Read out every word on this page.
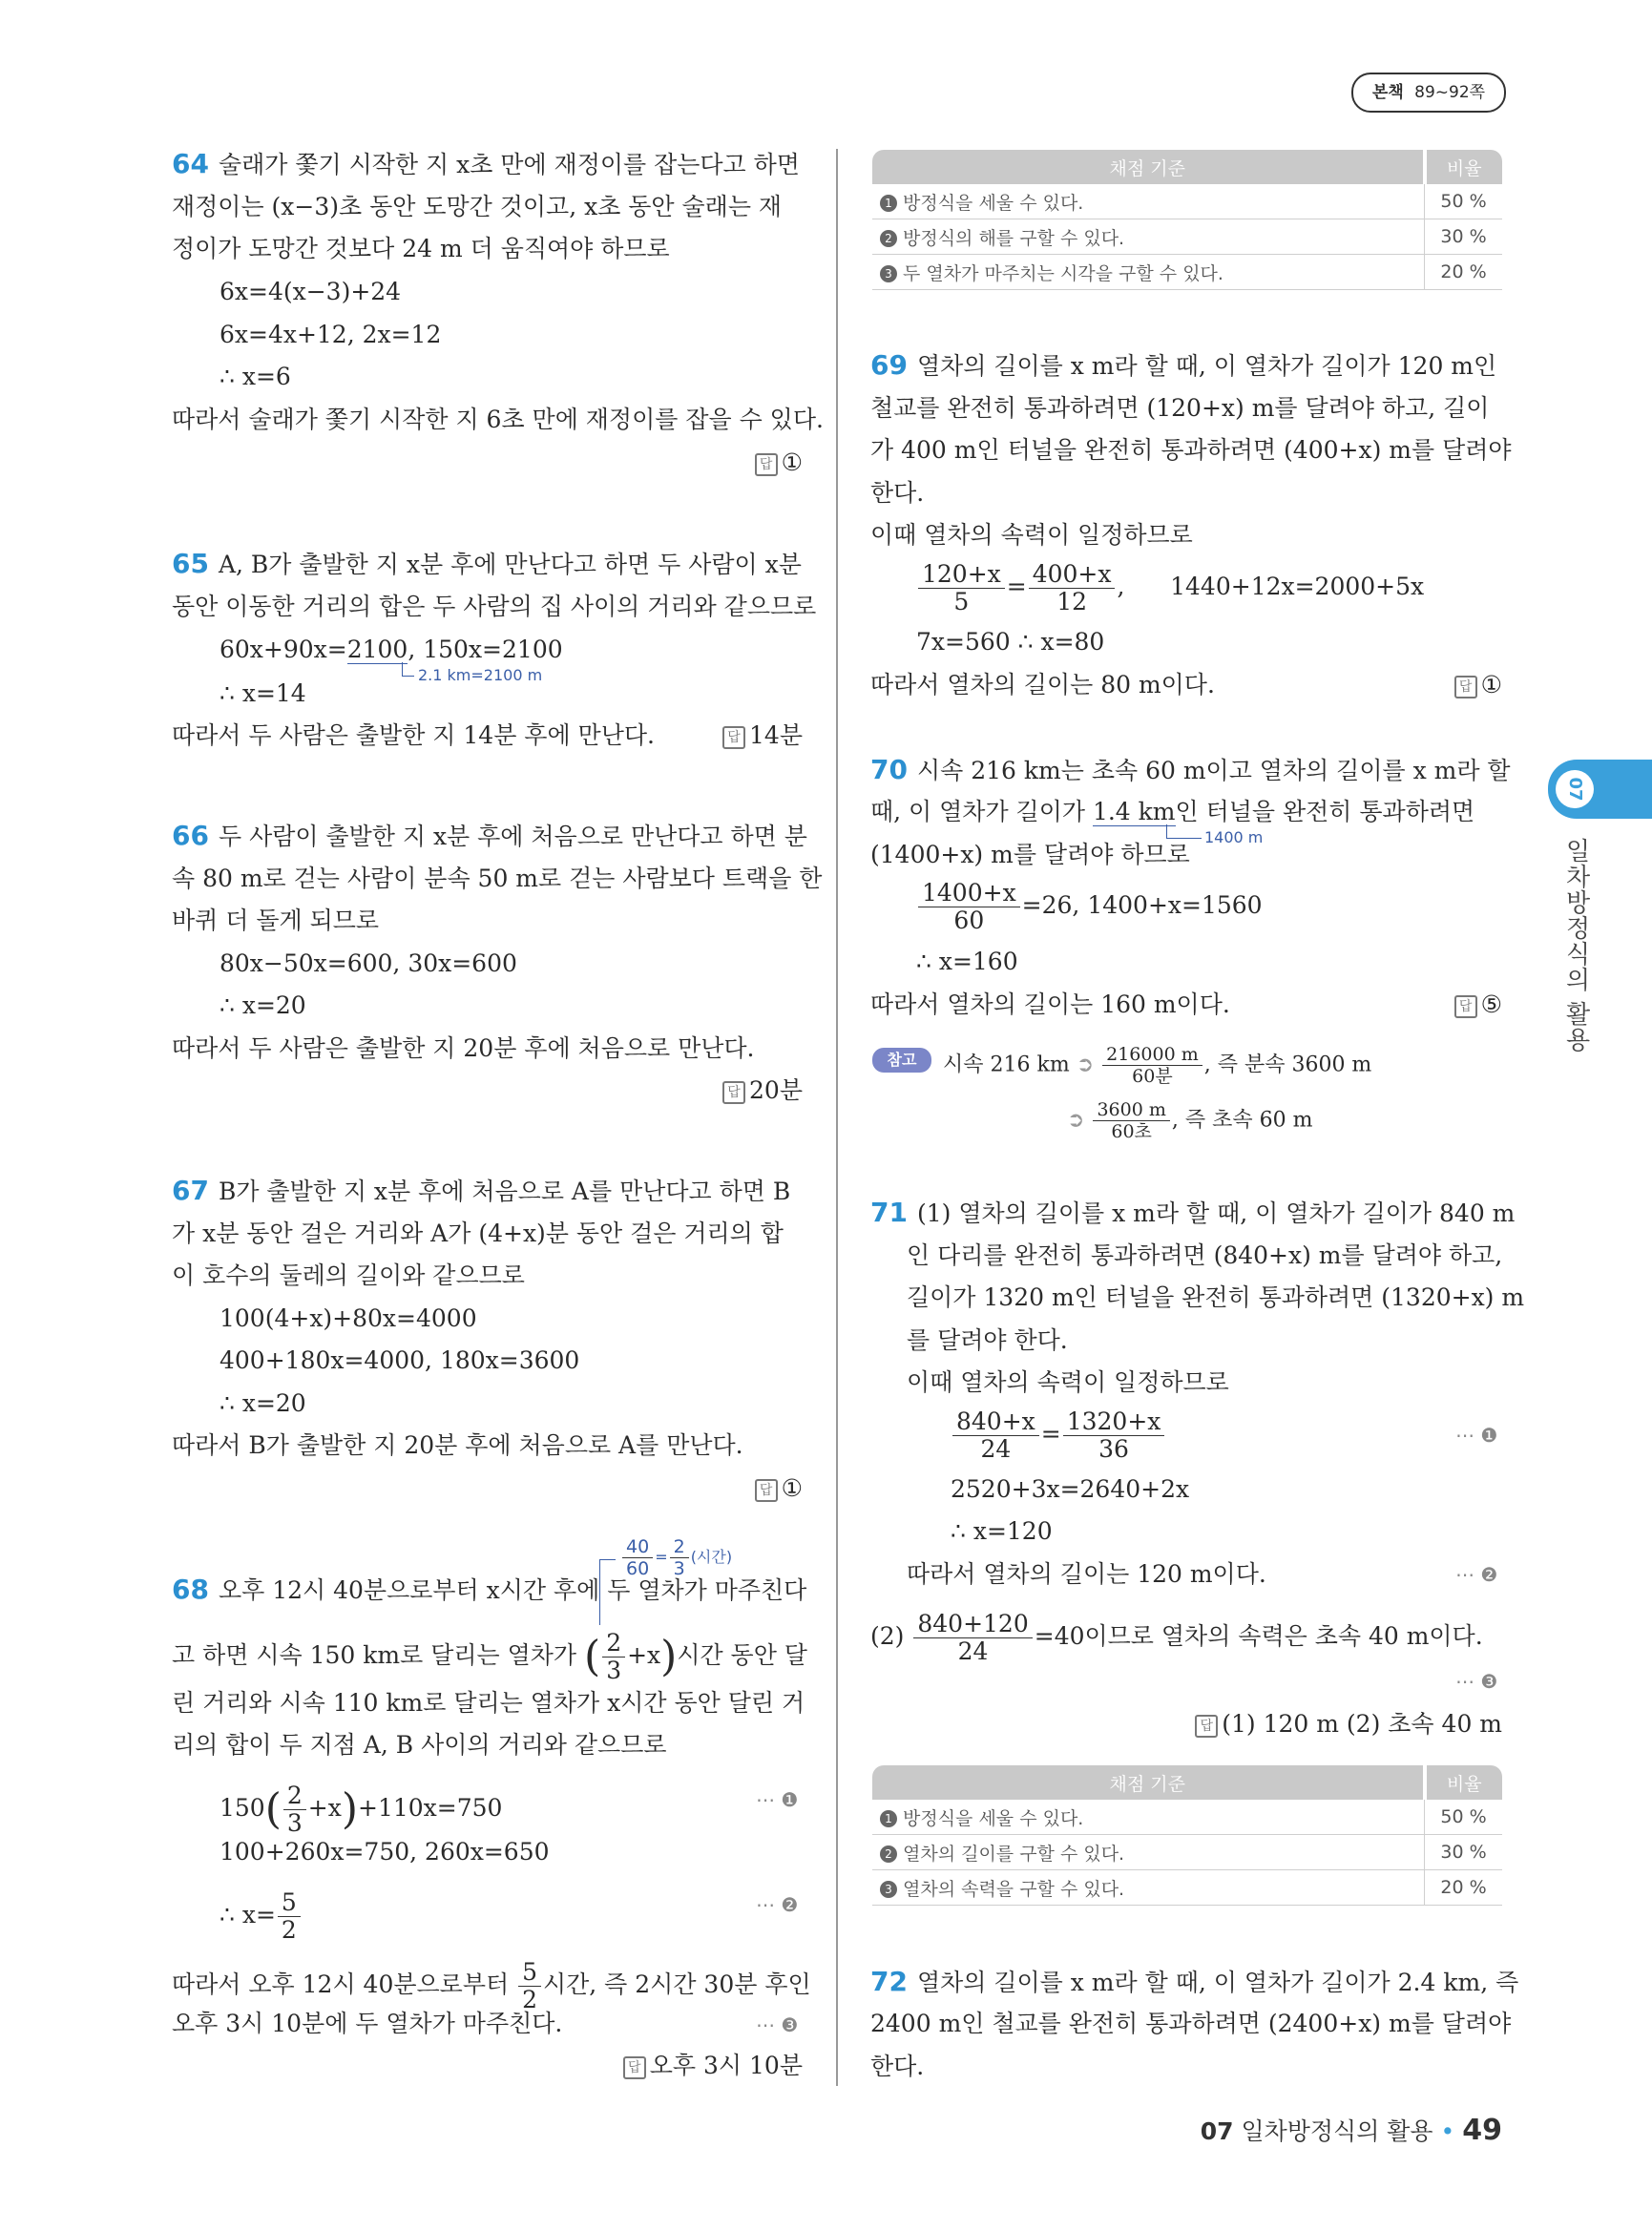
본책 89~92쪽
07
일차방정식의 활용
64 술래가 쫓기 시작한 지 x초 만에 재정이를 잡는다고 하면
재정이는 (x−3)초 동안 도망간 것이고, x초 동안 술래는 재
정이가 도망간 것보다 24 m 더 움직여야 하므로
6x=4(x−3)+24
6x=4x+12, 2x=12
∴ x=6
따라서 술래가 쫓기 시작한 지 6초 만에 재정이를 잡을 수 있다.
답 ①
65 A, B가 출발한 지 x분 후에 만난다고 하면 두 사람이 x분
동안 이동한 거리의 합은 두 사람의 집 사이의 거리와 같으므로
60x+90x=2100, 150x=2100
2.1 km=2100 m
∴ x=14
따라서 두 사람은 출발한 지 14분 후에 만난다.	답 14분
66 두 사람이 출발한 지 x분 후에 처음으로 만난다고 하면 분
속 80 m로 걷는 사람이 분속 50 m로 걷는 사람보다 트랙을 한
바퀴 더 돌게 되므로
80x−50x=600, 30x=600
∴ x=20
따라서 두 사람은 출발한 지 20분 후에 처음으로 만난다.
답 20분
67 B가 출발한 지 x분 후에 처음으로 A를 만난다고 하면 B
가 x분 동안 걸은 거리와 A가 (4+x)분 동안 걸은 거리의 합
이 호수의 둘레의 길이와 같으므로
100(4+x)+80x=4000
400+180x=4000, 180x=3600
∴ x=20
따라서 B가 출발한 지 20분 후에 처음으로 A를 만난다.
답 ①
$\frac{40}{60} = \frac{2}{3}$ (시간)
68 오후 12시 40분으로부터 x시간 후에 두 열차가 마주친다
고 하면 시속 150 km로 달리는 열차가 ( $\frac{2}{3} +x$)시간 동안 달
린 거리와 시속 110 km로 달리는 열차가 x시간 동안 달린 거
리의 합이 두 지점 A, B 사이의 거리와 같으므로
$150( \frac{2}{3} +x)+110x=750$	⋯ ❶
100+260x=750, 260x=650
∴ $x= \frac{5}{2}$	⋯ ❷
따라서 오후 12시 40분으로부터 $\frac{5}{2}$ 시간, 즉 2시간 30분 후인
오후 3시 10분에 두 열차가 마주친다.	⋯ ❸
답 오후 3시 10분
채점 기준	비율
1 방정식을 세울 수 있다.	50 %
2 방정식의 해를 구할 수 있다.	30 %
3 두 열차가 마주치는 시각을 구할 수 있다.	20 %
69 열차의 길이를 x m라 할 때, 이 열차가 길이가 120 m인
철교를 완전히 통과하려면 (120+x) m를 달려야 하고, 길이
가 400 m인 터널을 완전히 통과하려면 (400+x) m를 달려야
한다.
이때 열차의 속력이 일정하므로
$\frac{120+x}{5} = \frac{400+x}{12}$ ,      1440+12x=2000+5x
7x=560 ∴ x=80
따라서 열차의 길이는 80 m이다.	답 ①
70 시속 216 km는 초속 60 m이고 열차의 길이를 x m라 할
때, 이 열차가 길이가 1.4 km인 터널을 완전히 통과하려면
1400 m
(1400+x) m를 달려야 하므로
$\frac{1400+x}{60} =26$, 1400+x=1560
∴ x=160
따라서 열차의 길이는 160 m이다.	답 ⑤
참고	시속 216 km ➲ $\frac{216000 m}{\text{60분}}$ , 즉 분속 3600 m
➲ $\frac{3600 m}{\text{60초}}$ , 즉 초속 60 m
71 (1) 열차의 길이를 x m라 할 때, 이 열차가 길이가 840 m
인 다리를 완전히 통과하려면 (840+x) m를 달려야 하고,
길이가 1320 m인 터널을 완전히 통과하려면 (1320+x) m
를 달려야 한다.
이때 열차의 속력이 일정하므로
$\frac{840+x}{24} = \frac{1320+x}{36}$	⋯ ❶
2520+3x=2640+2x
∴ x=120
따라서 열차의 길이는 120 m이다.	⋯ ❷
$(2) \frac{840+120}{24} =40$이므로 열차의 속력은 초속 40 m이다.
⋯ ❸
답 (1) 120 m (2) 초속 40 m
채점 기준	비율
1 방정식을 세울 수 있다.	50 %
2 열차의 길이를 구할 수 있다.	30 %
3 열차의 속력을 구할 수 있다.	20 %
72 열차의 길이를 x m라 할 때, 이 열차가 길이가 2.4 km, 즉
2400 m인 철교를 완전히 통과하려면 (2400+x) m를 달려야
한다.
07 일차방정식의 활용 • 49
